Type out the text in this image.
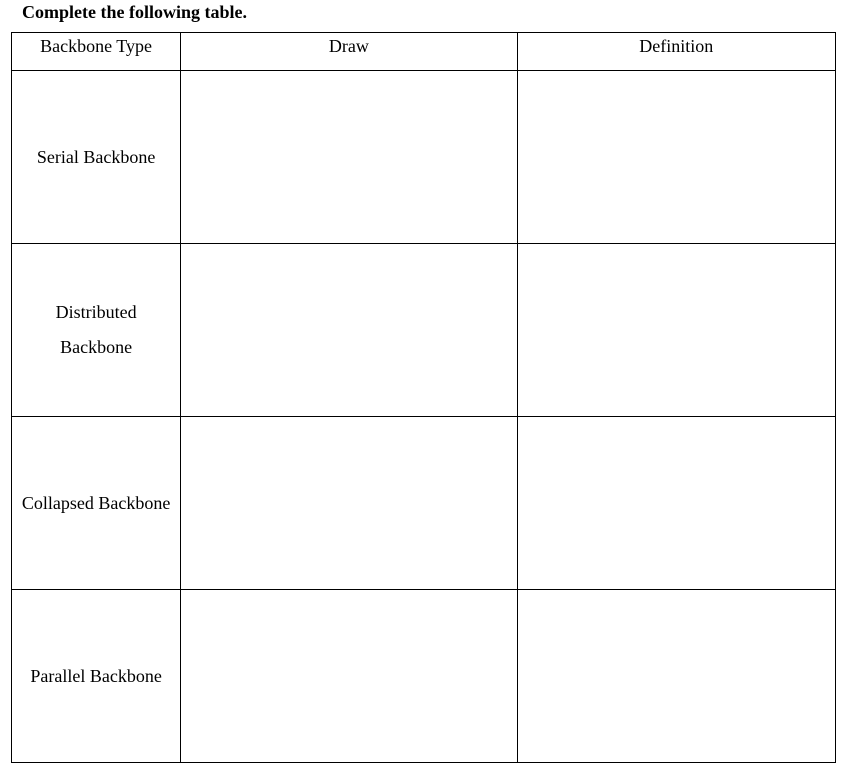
Complete the following table.
Backbone Type	Draw	Definition

Serial Backbone		

Distributed Backbone		

Collapsed Backbone		

Parallel Backbone		
